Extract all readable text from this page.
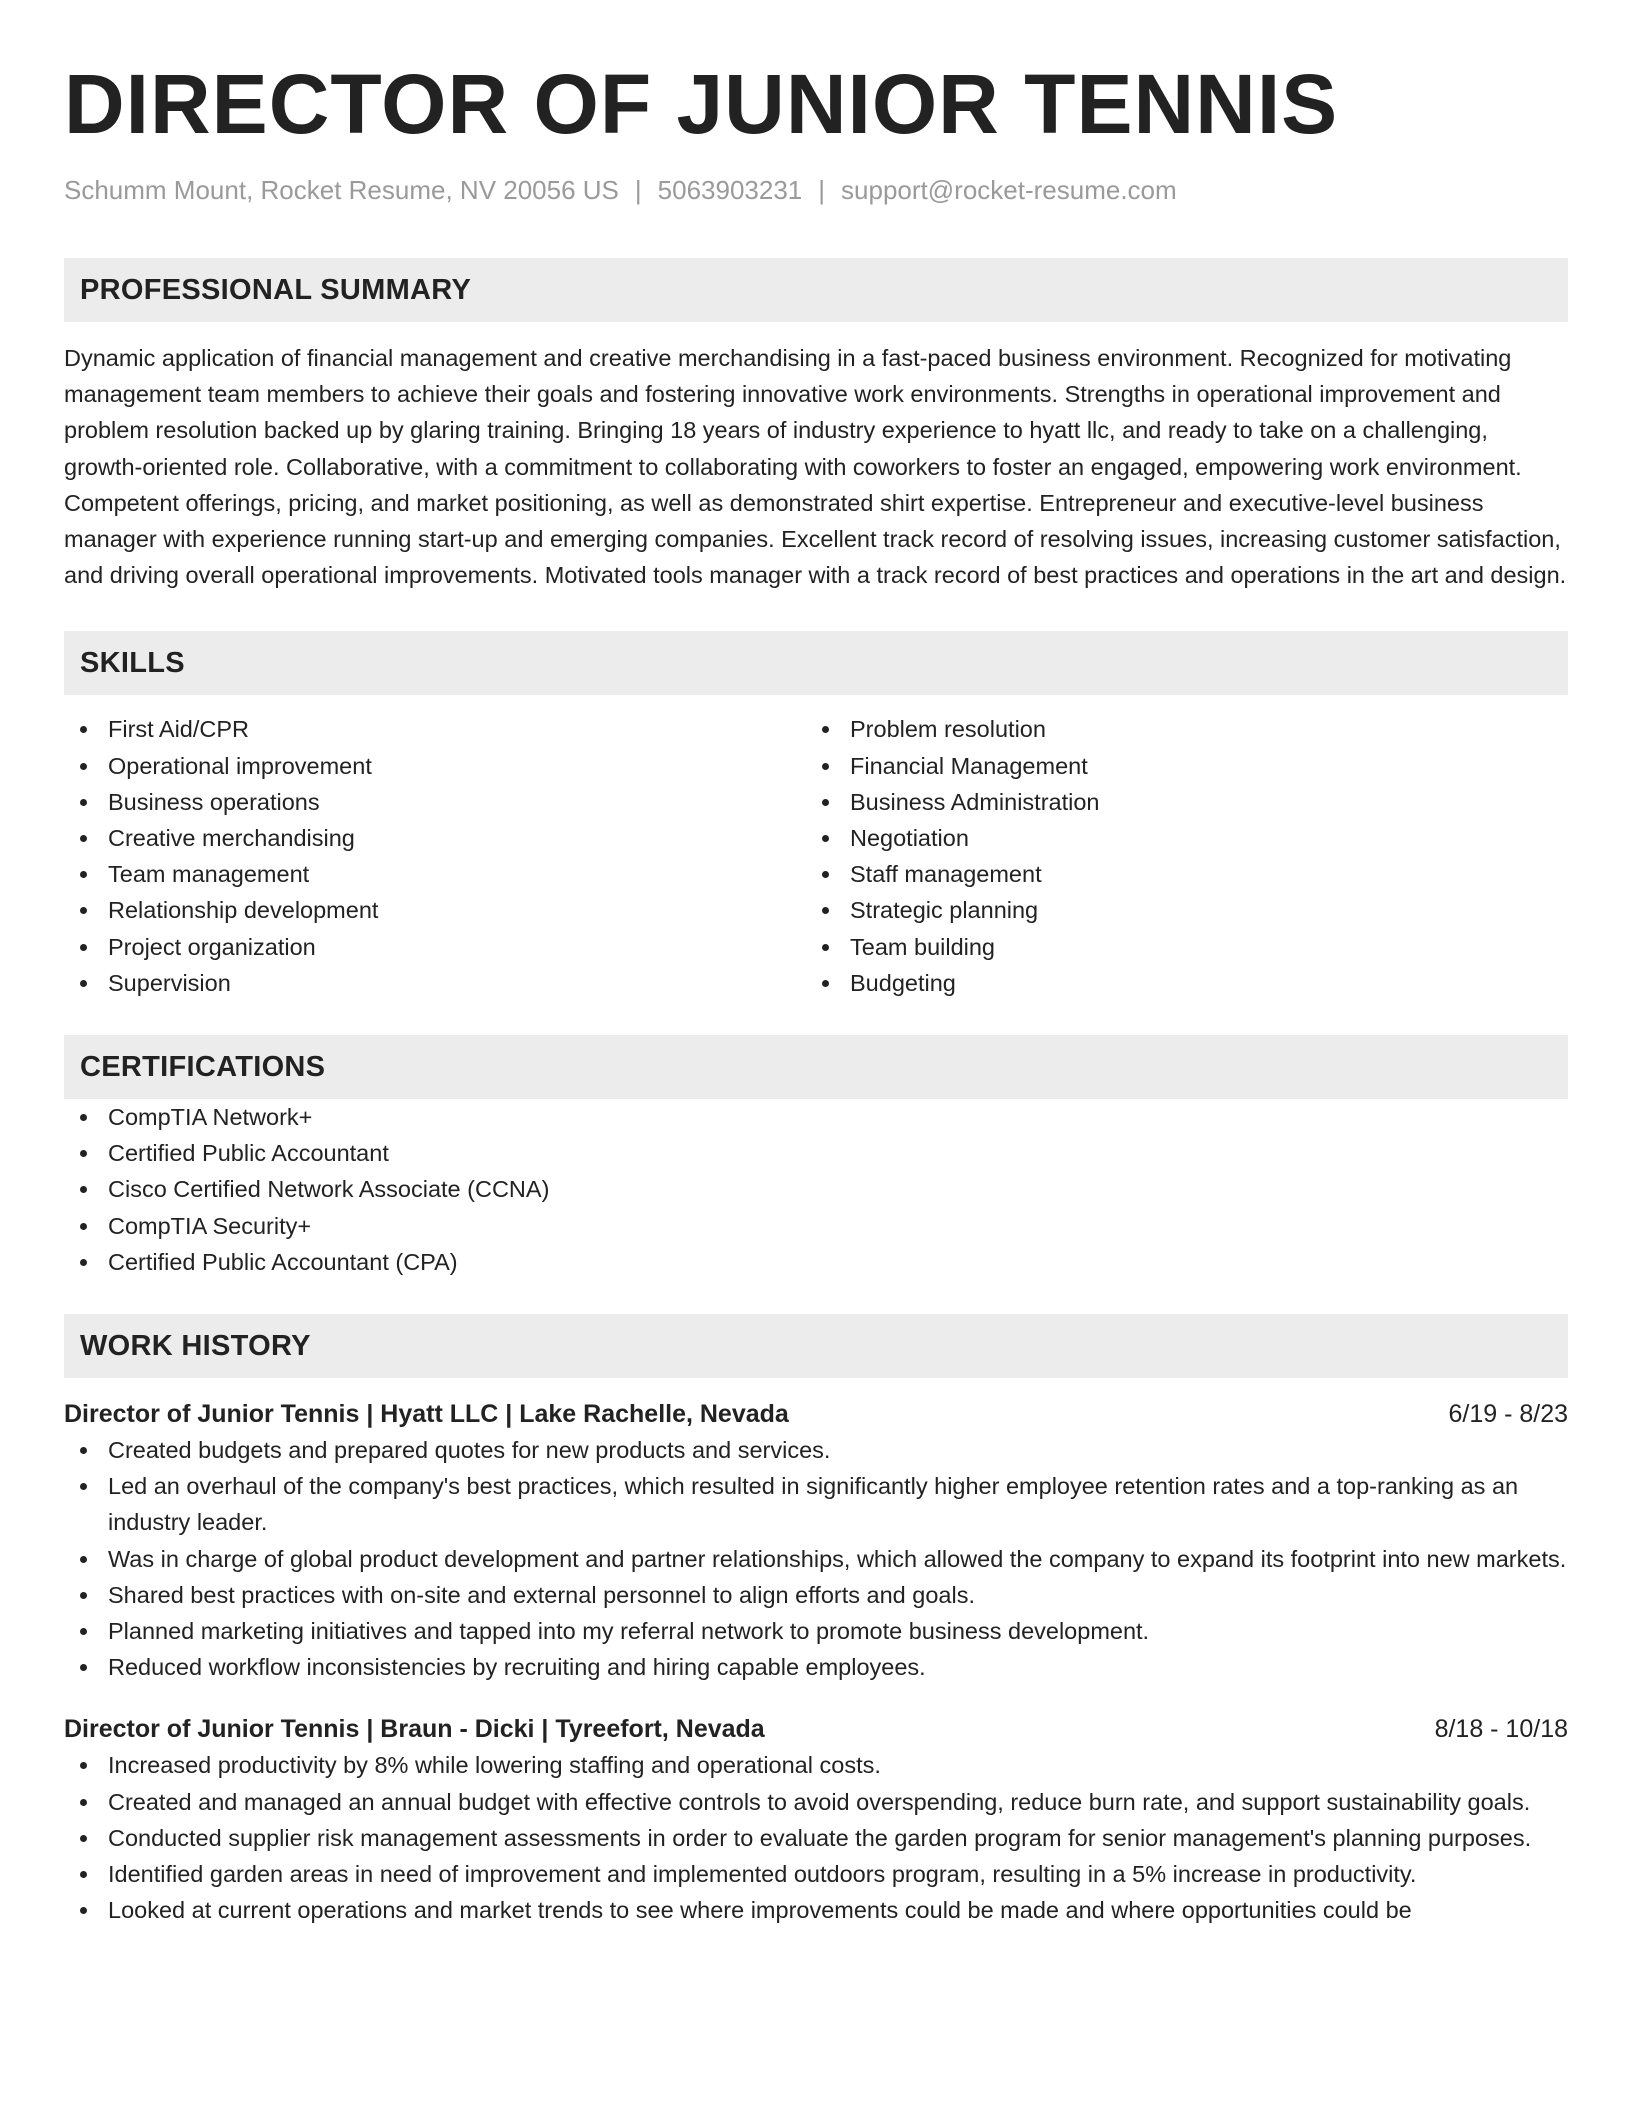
DIRECTOR OF JUNIOR TENNIS
Schumm Mount, Rocket Resume, NV 20056 US | 5063903231 | support@rocket-resume.com
PROFESSIONAL SUMMARY

Dynamic application of financial management and creative merchandising in a fast-paced business environment. Recognized for motivating management team members to achieve their goals and fostering innovative work environments. Strengths in operational improvement and problem resolution backed up by glaring training. Bringing 18 years of industry experience to hyatt llc, and ready to take on a challenging, growth-oriented role. Collaborative, with a commitment to collaborating with coworkers to foster an engaged, empowering work environment. Competent offerings, pricing, and market positioning, as well as demonstrated shirt expertise. Entrepreneur and executive-level business manager with experience running start-up and emerging companies. Excellent track record of resolving issues, increasing customer satisfaction, and driving overall operational improvements. Motivated tools manager with a track record of best practices and operations in the art and design.

SKILLS
First Aid/CPR
Operational improvement
Business operations
Creative merchandising
Team management
Relationship development
Project organization
Supervision
Problem resolution
Financial Management
Business Administration
Negotiation
Staff management
Strategic planning
Team building
Budgeting
CERTIFICATIONS
CompTIA Network+
Certified Public Accountant
Cisco Certified Network Associate (CCNA)
CompTIA Security+
Certified Public Accountant (CPA)
WORK HISTORY
Director of Junior Tennis | Hyatt LLC | Lake Rachelle, Nevada	6/19 - 8/23
Created budgets and prepared quotes for new products and services.
Led an overhaul of the company's best practices, which resulted in significantly higher employee retention rates and a top-ranking as an industry leader.
Was in charge of global product development and partner relationships, which allowed the company to expand its footprint into new markets.
Shared best practices with on-site and external personnel to align efforts and goals.
Planned marketing initiatives and tapped into my referral network to promote business development.
Reduced workflow inconsistencies by recruiting and hiring capable employees.
Director of Junior Tennis | Braun - Dicki | Tyreefort, Nevada	8/18 - 10/18
Increased productivity by 8% while lowering staffing and operational costs.
Created and managed an annual budget with effective controls to avoid overspending, reduce burn rate, and support sustainability goals.
Conducted supplier risk management assessments in order to evaluate the garden program for senior management's planning purposes.
Identified garden areas in need of improvement and implemented outdoors program, resulting in a 5% increase in productivity.
Looked at current operations and market trends to see where improvements could be made and where opportunities could be
